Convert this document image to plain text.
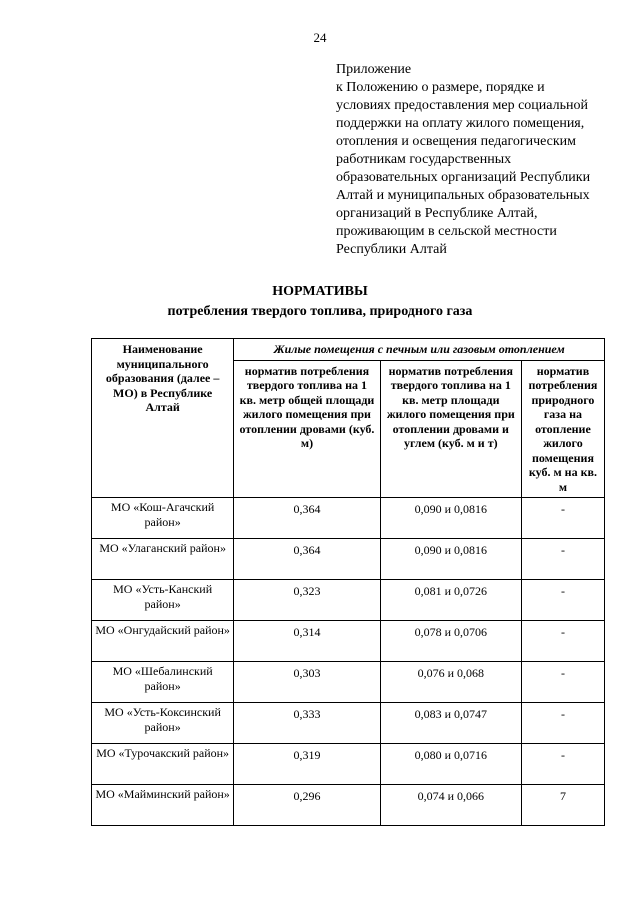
24
Приложение
к Положению о размере, порядке и
условиях предоставления мер социальной
поддержки на оплату жилого помещения,
отопления и освещения педагогическим
работникам государственных
образовательных организаций Республики
Алтай и муниципальных образовательных
организаций в Республике Алтай,
проживающим в сельской местности
Республики Алтай
НОРМАТИВЫ
потребления твердого топлива, природного газа
Наименование муниципального образования (далее – МО) в Республике Алтай	Жилые помещения с печным или газовым отоплением		
	норматив потребления твердого топлива на 1 кв. метр общей площади жилого помещения при отоплении дровами (куб. м)	норматив потребления твердого топлива на 1 кв. метр площади жилого помещения при отоплении дровами и углем (куб. м и т)	норматив потребления природного газа на отопление жилого помещения куб. м на кв. м
МО «Кош-Агачский район»	0,364	0,090 и 0,0816	-
МО «Улаганский район»	0,364	0,090 и 0,0816	-
МО «Усть-Канский район»	0,323	0,081 и 0,0726	-
МО «Онгудайский район»	0,314	0,078 и 0,0706	-
МО «Шебалинский район»	0,303	0,076 и 0,068	-
МО «Усть-Коксинский район»	0,333	0,083 и 0,0747	-
МО «Турочакский район»	0,319	0,080 и 0,0716	-
МО «Майминский район»	0,296	0,074 и 0,066	7
